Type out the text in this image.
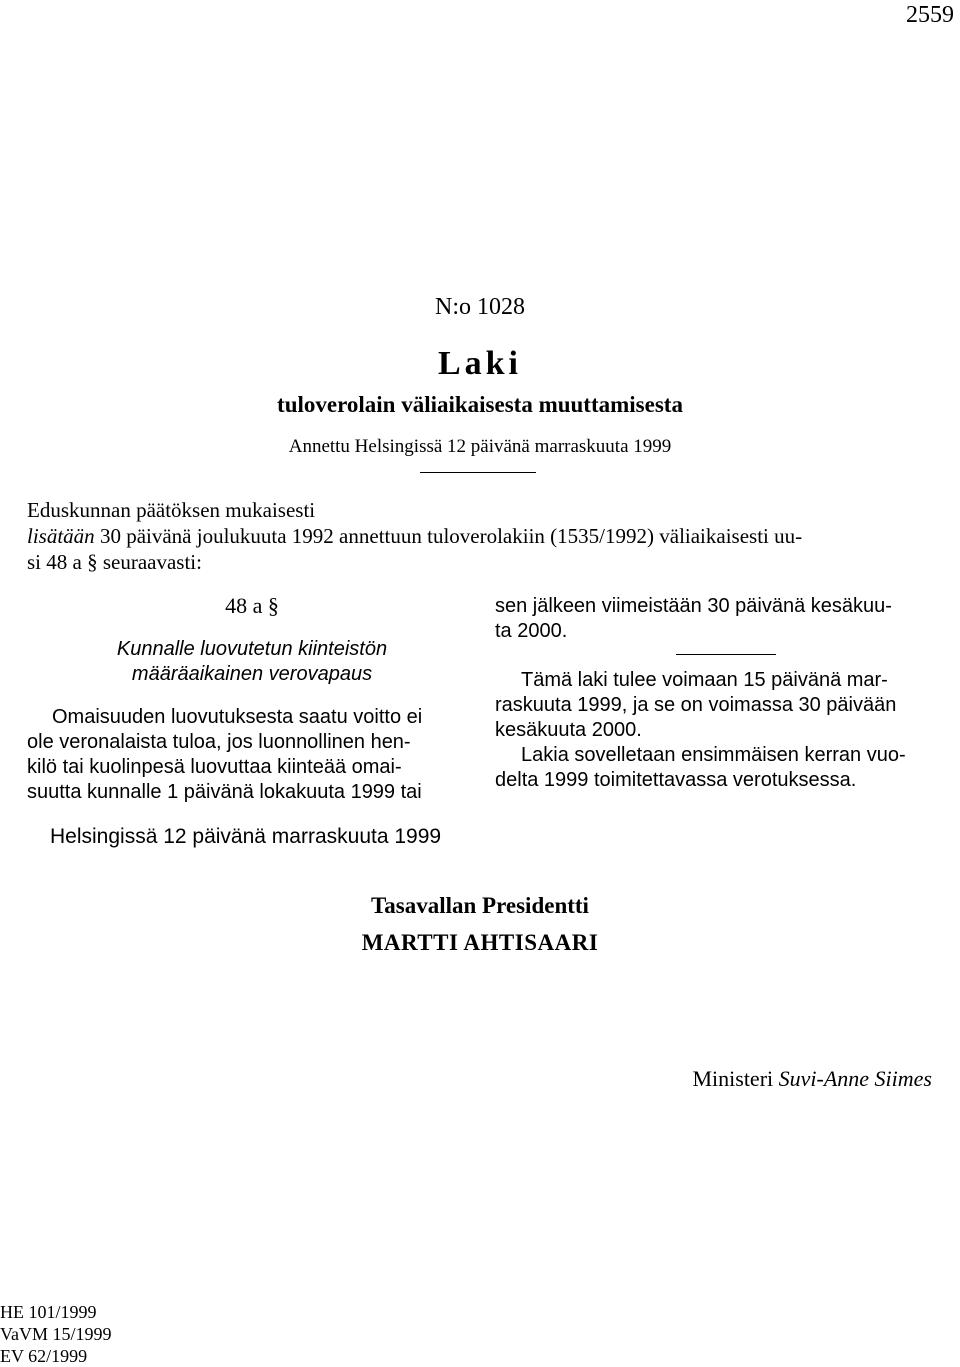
2559
N:o 1028
Laki
tuloverolain väliaikaisesta muuttamisesta
Annettu Helsingissä 12 päivänä marraskuuta 1999
Eduskunnan päätöksen mukaisesti
lisätään 30 päivänä joulukuuta 1992 annettuun tuloverolakiin (1535/1992) väliaikaisesti uu-
si 48 a § seuraavasti:
48 a §
Kunnalle luovutetun kiinteistön
määräaikainen verovapaus
Omaisuuden luovutuksesta saatu voitto ei
ole veronalaista tuloa, jos luonnollinen hen-
kilö tai kuolinpesä luovuttaa kiinteää omai-
suutta kunnalle 1 päivänä lokakuuta 1999 tai
sen jälkeen viimeistään 30 päivänä kesäkuu-
ta 2000.
Tämä laki tulee voimaan 15 päivänä mar-
raskuuta 1999, ja se on voimassa 30 päivään
kesäkuuta 2000.
Lakia sovelletaan ensimmäisen kerran vuo-
delta 1999 toimitettavassa verotuksessa.
Helsingissä 12 päivänä marraskuuta 1999
Tasavallan Presidentti
MARTTI AHTISAARI
Ministeri Suvi-Anne Siimes
HE 101/1999
VaVM 15/1999
EV 62/1999
